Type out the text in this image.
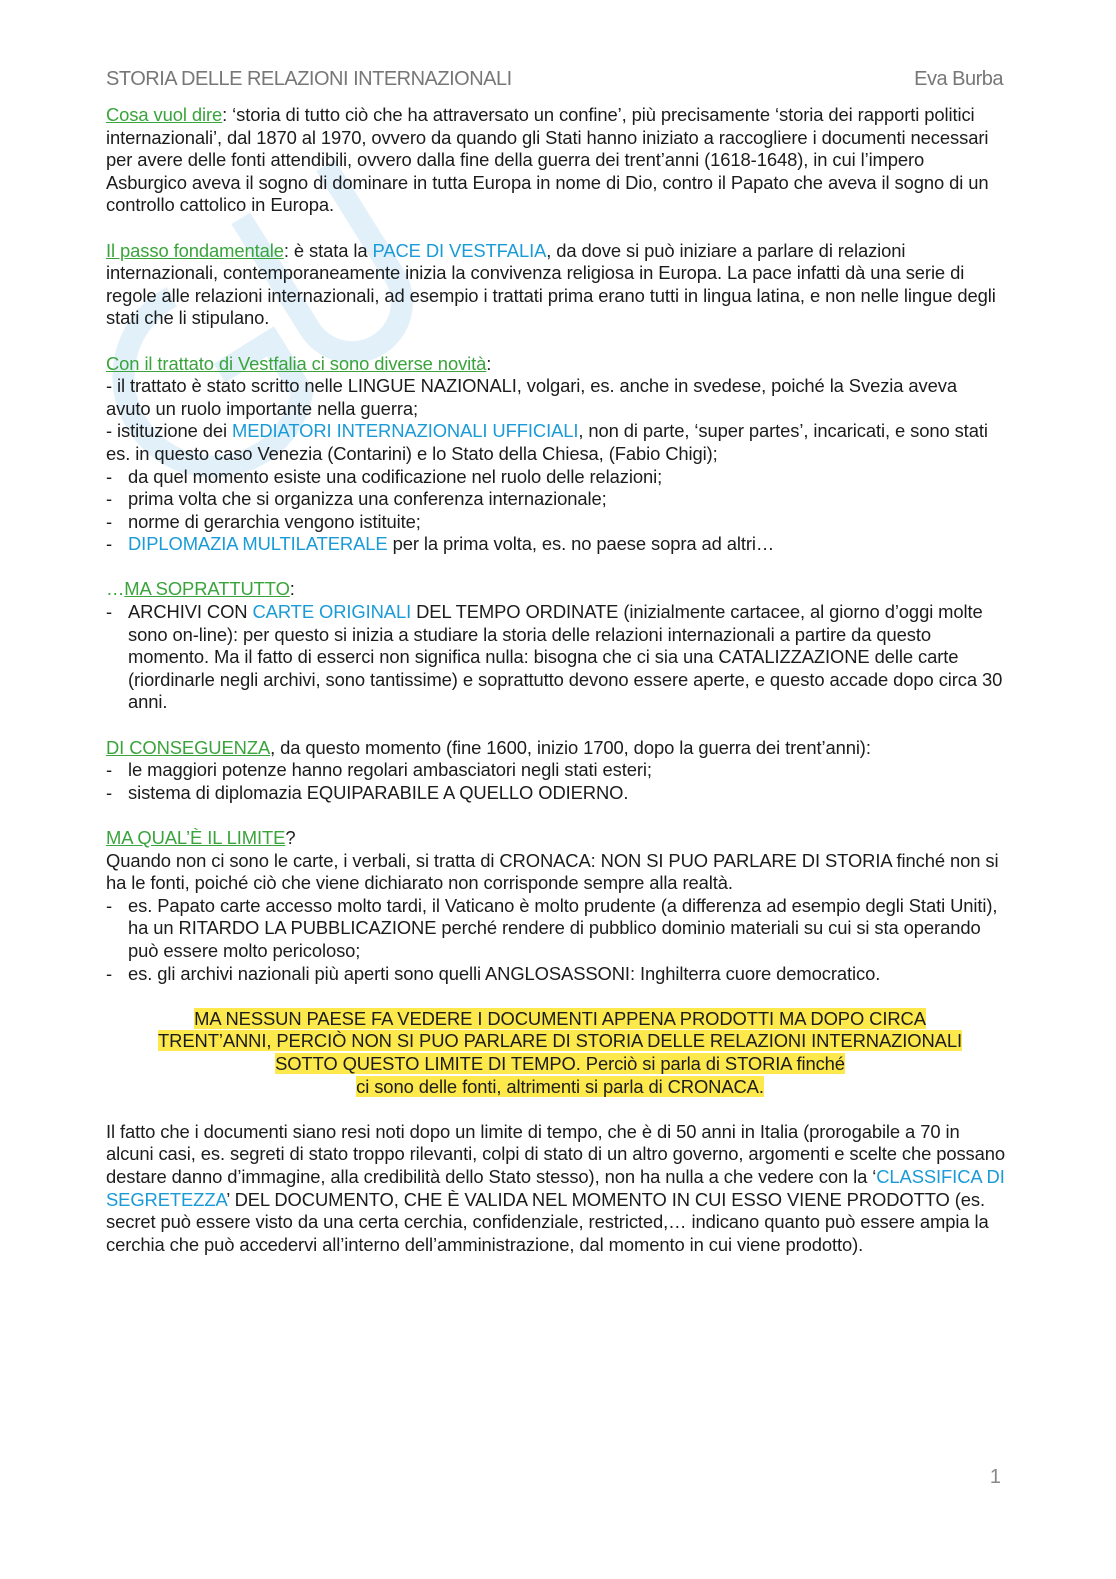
STORIA DELLE RELAZIONI INTERNAZIONALI	Eva Burba

Cosa vuol dire: ‘storia di tutto ciò che ha attraversato un confine’, più precisamente ‘storia dei rapporti politici internazionali’, dal 1870 al 1970, ovvero da quando gli Stati hanno iniziato a raccogliere i documenti necessari per avere delle fonti attendibili, ovvero dalla fine della guerra dei trent’anni (1618-1648), in cui l’impero Asburgico aveva il sogno di dominare in tutta Europa in nome di Dio, contro il Papato che aveva il sogno di un controllo cattolico in Europa.

Il passo fondamentale: è stata la PACE DI VESTFALIA, da dove si può iniziare a parlare di relazioni internazionali, contemporaneamente inizia la convivenza religiosa in Europa. La pace infatti dà una serie di regole alle relazioni internazionali, ad esempio i trattati prima erano tutti in lingua latina, e non nelle lingue degli stati che li stipulano.

Con il trattato di Vestfalia ci sono diverse novità:

- il trattato è stato scritto nelle LINGUE NAZIONALI, volgari, es. anche in svedese, poiché la Svezia aveva avuto un ruolo importante nella guerra;

- istituzione dei MEDIATORI INTERNAZIONALI UFFICIALI, non di parte, ‘super partes’, incaricati, e sono stati es. in questo caso Venezia (Contarini) e lo Stato della Chiesa, (Fabio Chigi);

- da quel momento esiste una codificazione nel ruolo delle relazioni;
- prima volta che si organizza una conferenza internazionale;
- norme di gerarchia vengono istituite;
- DIPLOMAZIA MULTILATERALE per la prima volta, es. no paese sopra ad altri…

…MA SOPRATTUTTO:

- ARCHIVI CON CARTE ORIGINALI DEL TEMPO ORDINATE (inizialmente cartacee, al giorno d’oggi molte sono on-line): per questo si inizia a studiare la storia delle relazioni internazionali a partire da questo momento. Ma il fatto di esserci non significa nulla: bisogna che ci sia una CATALIZZAZIONE delle carte (riordinarle negli archivi, sono tantissime) e soprattutto devono essere aperte, e questo accade dopo circa 30 anni.

DI CONSEGUENZA, da questo momento (fine 1600, inizio 1700, dopo la guerra dei trent’anni):

- le maggiori potenze hanno regolari ambasciatori negli stati esteri;
- sistema di diplomazia EQUIPARABILE A QUELLO ODIERNO.

MA QUAL’È IL LIMITE?

Quando non ci sono le carte, i verbali, si tratta di CRONACA: NON SI PUO PARLARE DI STORIA finché non si ha le fonti, poiché ciò che viene dichiarato non corrisponde sempre alla realtà.

- es. Papato carte accesso molto tardi, il Vaticano è molto prudente (a differenza ad esempio degli Stati Uniti), ha un RITARDO LA PUBBLICAZIONE perché rendere di pubblico dominio materiali su cui si sta operando può essere molto pericoloso;
- es. gli archivi nazionali più aperti sono quelli ANGLOSASSONI: Inghilterra cuore democratico.
MA NESSUN PAESE FA VEDERE I DOCUMENTI APPENA PRODOTTI MA DOPO CIRCA
TRENT’ANNI, PERCIÒ NON SI PUO PARLARE DI STORIA DELLE RELAZIONI INTERNAZIONALI
SOTTO QUESTO LIMITE DI TEMPO. Perciò si parla di STORIA finché
ci sono delle fonti, altrimenti si parla di CRONACA.

Il fatto che i documenti siano resi noti dopo un limite di tempo, che è di 50 anni in Italia (prorogabile a 70 in alcuni casi, es. segreti di stato troppo rilevanti, colpi di stato di un altro governo, argomenti e scelte che possano destare danno d’immagine, alla credibilità dello Stato stesso), non ha nulla a che vedere con la ‘CLASSIFICA DI SEGRETEZZA’ DEL DOCUMENTO, CHE È VALIDA NEL MOMENTO IN CUI ESSO VIENE PRODOTTO (es. secret può essere visto da una certa cerchia, confidenziale, restricted,… indicano quanto può essere ampia la cerchia che può accedervi all’interno dell’amministrazione, dal momento in cui viene prodotto).

1
